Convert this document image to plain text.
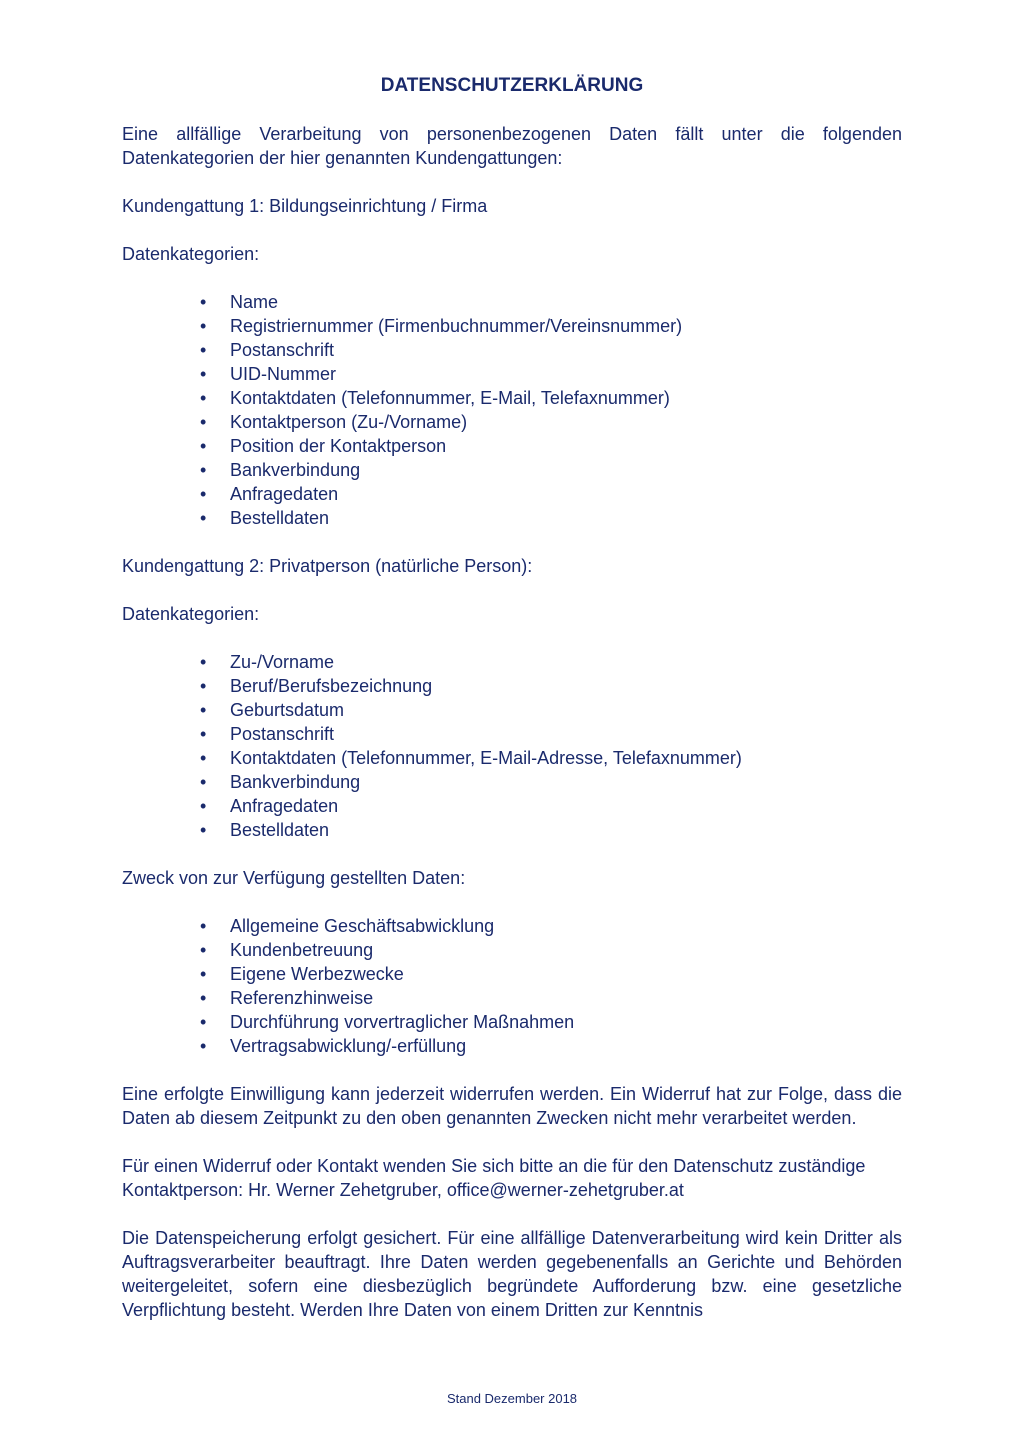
DATENSCHUTZERKLÄRUNG

Eine allfällige Verarbeitung von personenbezogenen Daten fällt unter die folgenden Datenkategorien der hier genannten Kundengattungen:

Kundengattung 1: Bildungseinrichtung / Firma

Datenkategorien:

• Name
• Registriernummer (Firmenbuchnummer/Vereinsnummer)
• Postanschrift
• UID-Nummer
• Kontaktdaten (Telefonnummer, E-Mail, Telefaxnummer)
• Kontaktperson (Zu-/Vorname)
• Position der Kontaktperson
• Bankverbindung
• Anfragedaten
• Bestelldaten

Kundengattung 2: Privatperson (natürliche Person):

Datenkategorien:

• Zu-/Vorname
• Beruf/Berufsbezeichnung
• Geburtsdatum
• Postanschrift
• Kontaktdaten (Telefonnummer, E-Mail-Adresse, Telefaxnummer)
• Bankverbindung
• Anfragedaten
• Bestelldaten

Zweck von zur Verfügung gestellten Daten:

• Allgemeine Geschäftsabwicklung
• Kundenbetreuung
• Eigene Werbezwecke
• Referenzhinweise
• Durchführung vorvertraglicher Maßnahmen
• Vertragsabwicklung/-erfüllung

Eine erfolgte Einwilligung kann jederzeit widerrufen werden. Ein Widerruf hat zur Folge, dass die Daten ab diesem Zeitpunkt zu den oben genannten Zwecken nicht mehr verarbeitet werden.

Für einen Widerruf oder Kontakt wenden Sie sich bitte an die für den Datenschutz zuständige Kontaktperson: Hr. Werner Zehetgruber, office@werner-zehetgruber.at

Die Datenspeicherung erfolgt gesichert. Für eine allfällige Datenverarbeitung wird kein Dritter als Auftragsverarbeiter beauftragt. Ihre Daten werden gegebenenfalls an Gerichte und Behörden weitergeleitet, sofern eine diesbezüglich begründete Aufforderung bzw. eine gesetzliche Verpflichtung besteht. Werden Ihre Daten von einem Dritten zur Kenntnis

Stand Dezember 2018
